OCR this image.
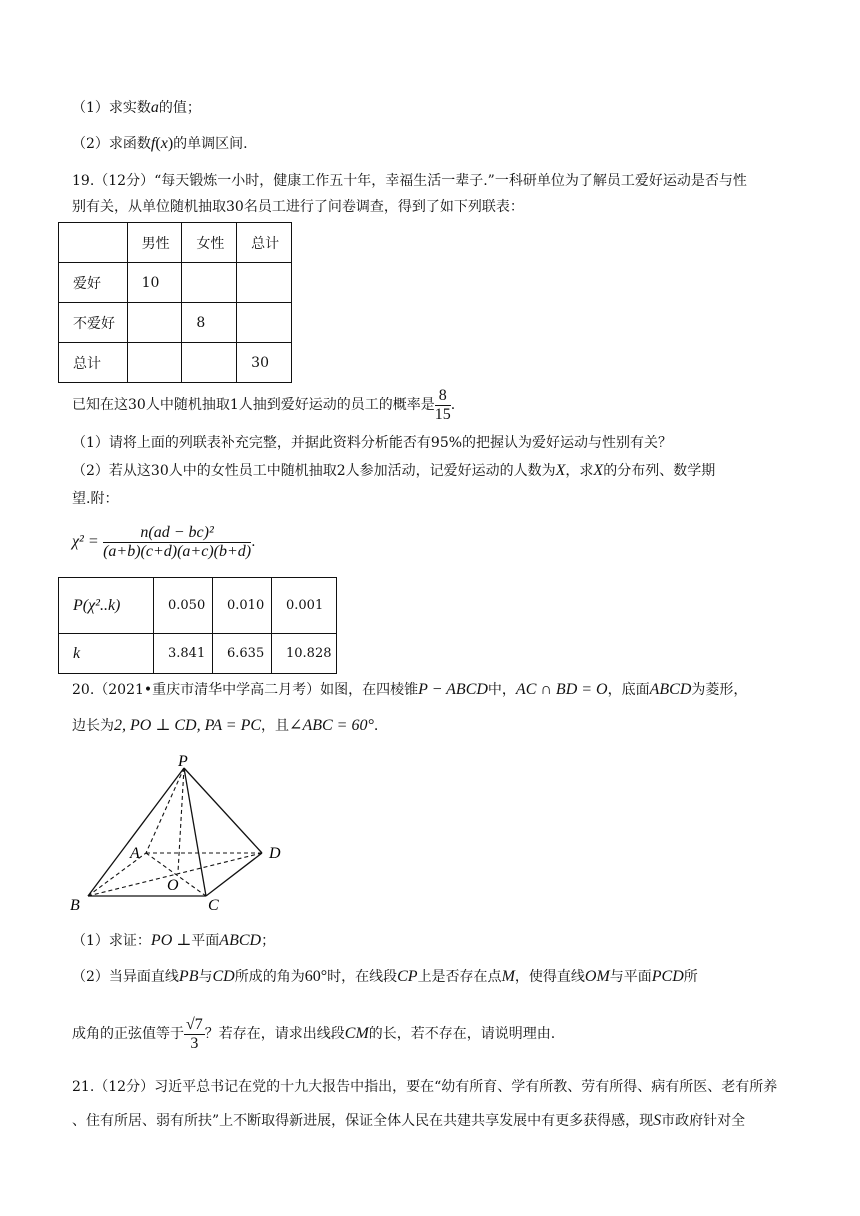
（1）求实数a的值；
（2）求函数f(x)的单调区间.
19.（12分）“每天锻炼一小时，健康工作五十年，幸福生活一辈子.”一科研单位为了解员工爱好运动是否与性
别有关，从单位随机抽取30名员工进行了问卷调查，得到了如下列联表：
	男性	女性	总计
爱好	10		
不爱好		8	
总计			30
已知在这30人中随机抽取1人抽到爱好运动的员工的概率是 $\frac{8}{15}$ .
（1）请将上面的列联表补充完整，并据此资料分析能否有95%的把握认为爱好运动与性别有关？
（2）若从这30人中的女性员工中随机抽取2人参加活动，记爱好运动的人数为X，求X的分布列、数学期
望.附：
$\chi^2 = \frac{\text{n(ad − bc)²}}{(a+b)(c+d)(a+c)(b+d)}$ .
P(χ²..k)	0.050	0.010	0.001
k	3.841	6.635	10.828
20.（2021•重庆市清华中学高二月考）如图，在四棱锥P − ABCD中，AC ∩ BD = O，底面ABCD为菱形，
边长为2, PO ⊥ CD, PA = PC，且∠ABC = 60°.
P
A
B	C
D
O
（1）求证：PO ⊥平面ABCD；
（2）当异面直线PB与CD所成的角为60°时，在线段CP上是否存在点M，使得直线OM与平面PCD所
成角的正弦值等于 $\frac{√7}{3}$ ？若存在，请求出线段CM的长，若不存在，请说明理由.
21.（12分）习近平总书记在党的十九大报告中指出，要在“幼有所育、学有所教、劳有所得、病有所医、老有所养
、住有所居、弱有所扶”上不断取得新进展，保证全体人民在共建共享发展中有更多获得感，现S市政府针对全
